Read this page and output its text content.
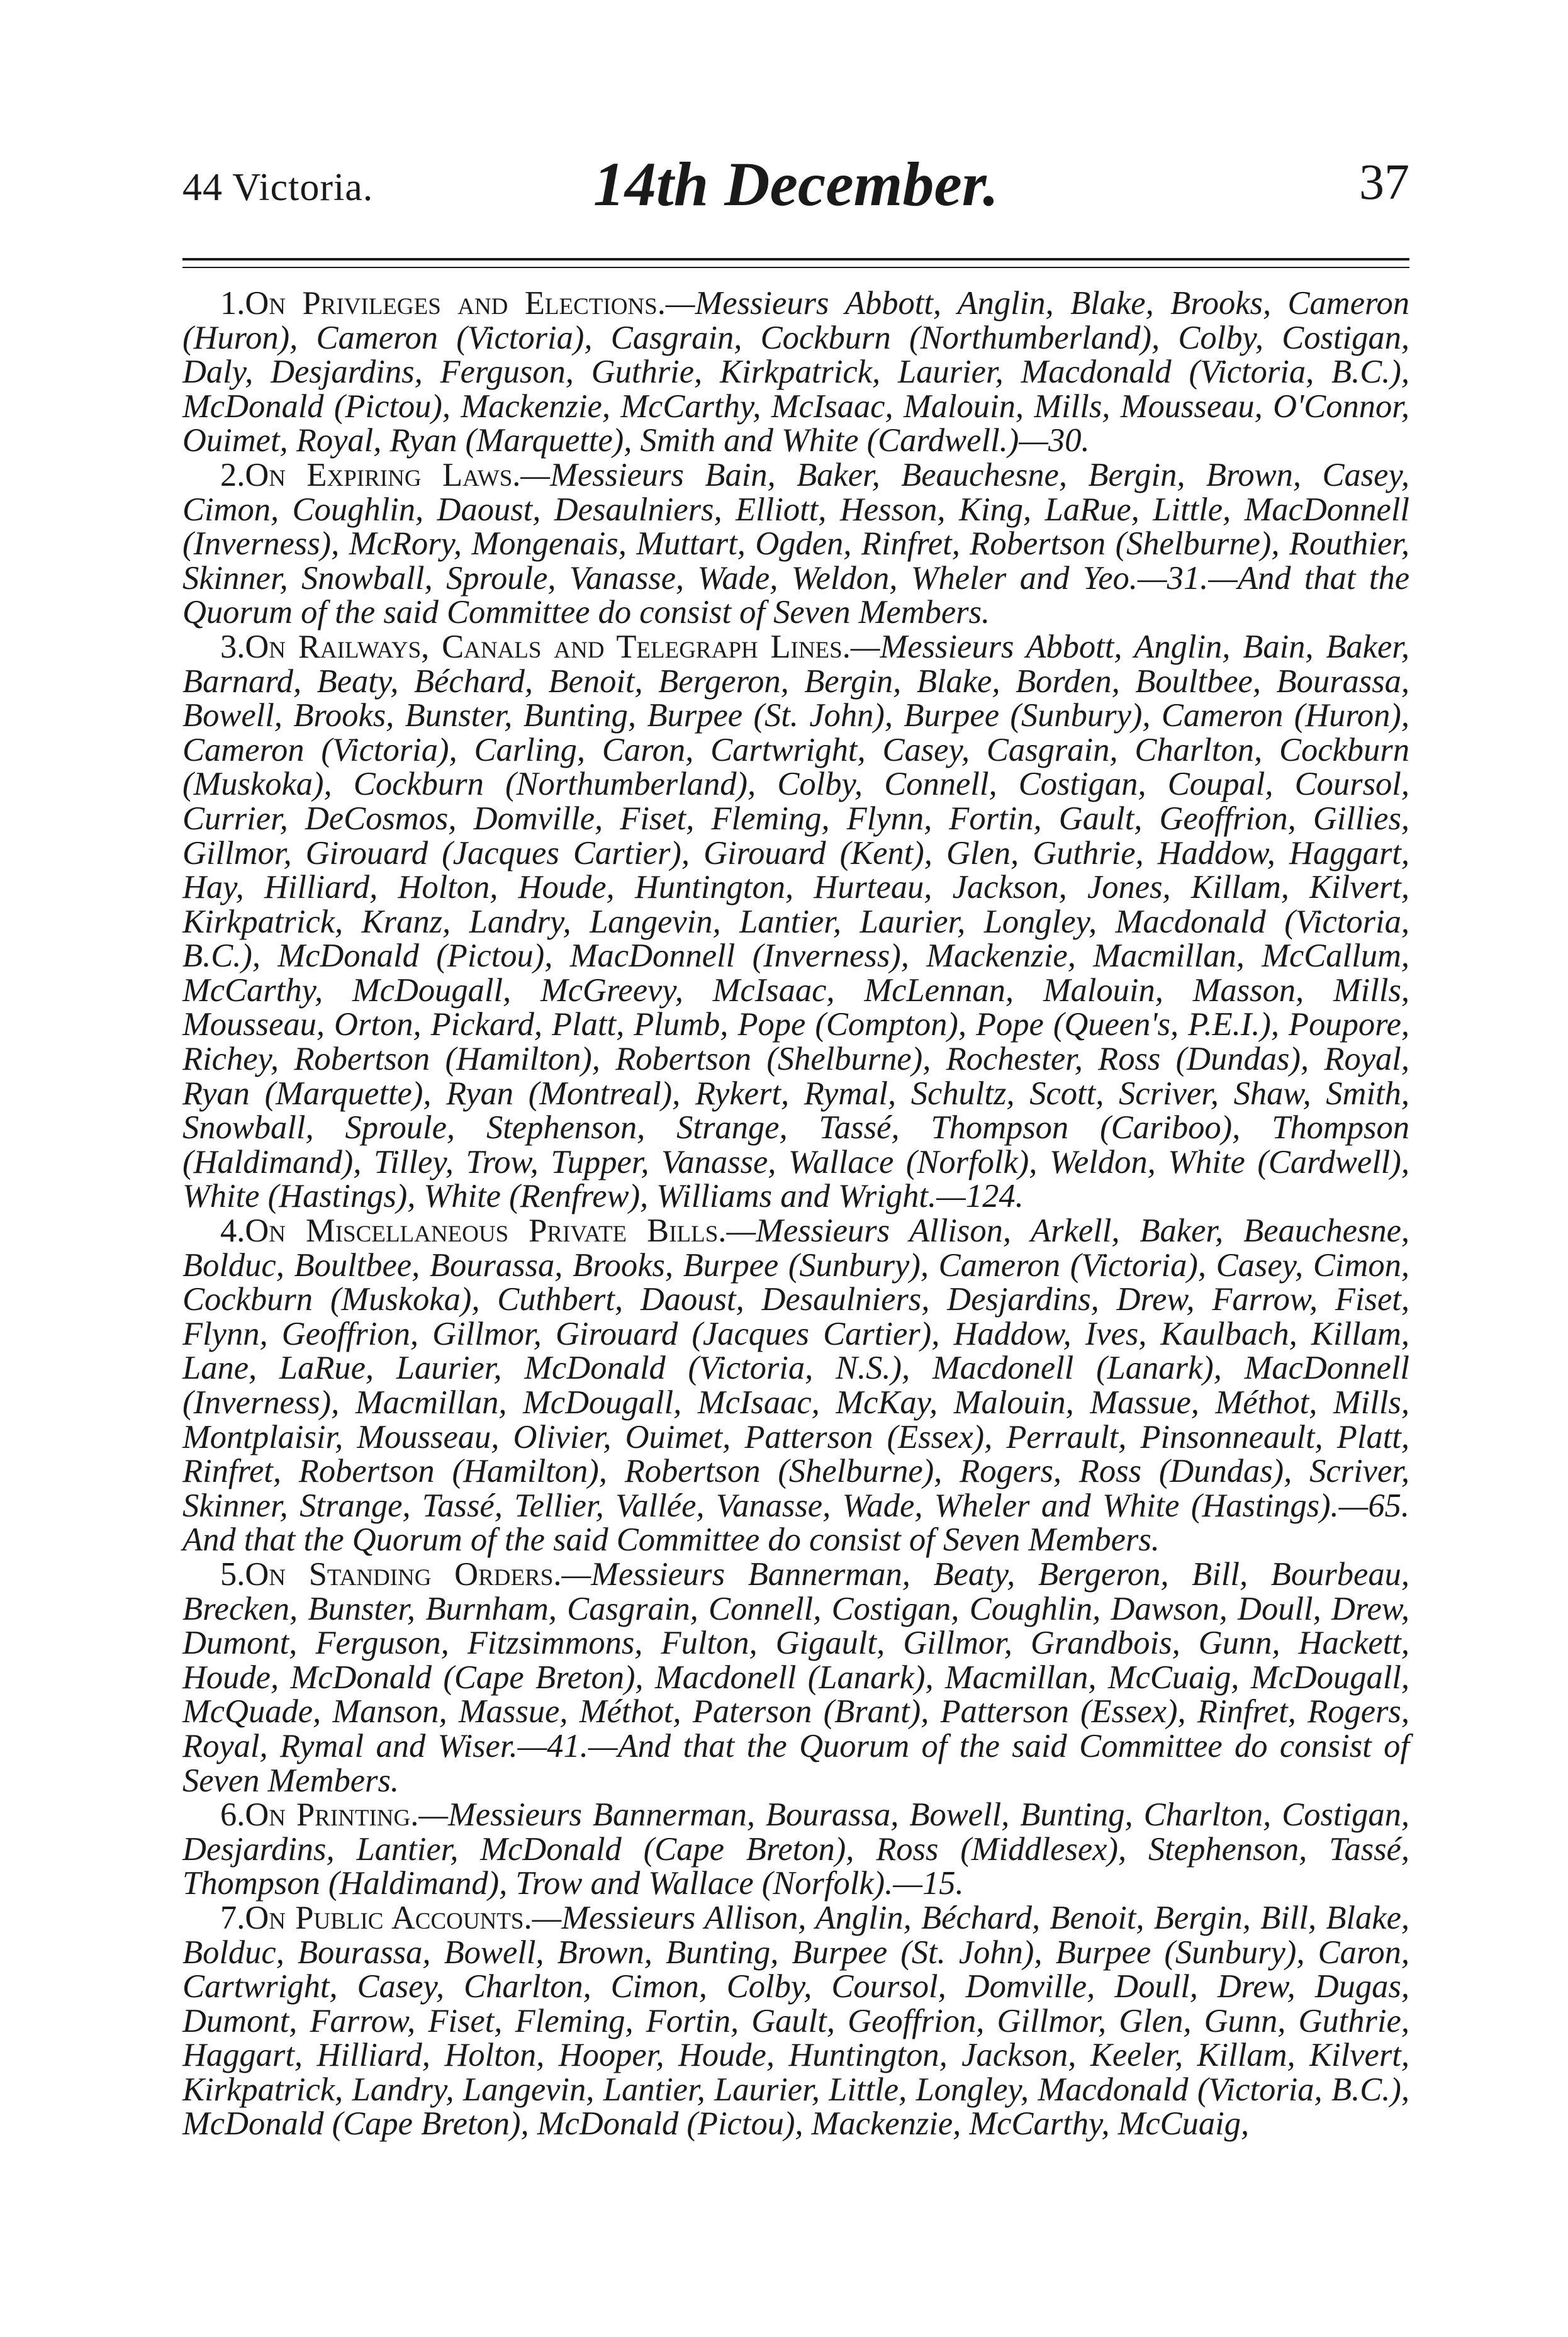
44 Victoria.	14th December.	37

1.On Privileges and Elections.—Messieurs Abbott, Anglin, Blake, Brooks, Cameron (Huron), Cameron (Victoria), Casgrain, Cockburn (Northumberland), Colby, Costigan, Daly, Desjardins, Ferguson, Guthrie, Kirkpatrick, Laurier, Macdonald (Victoria, B.C.), McDonald (Pictou), Mackenzie, McCarthy, McIsaac, Malouin, Mills, Mousseau, O'Connor, Ouimet, Royal, Ryan (Marquette), Smith and White (Cardwell.)—30.

2.On Expiring Laws.—Messieurs Bain, Baker, Beauchesne, Bergin, Brown, Casey, Cimon, Coughlin, Daoust, Desaulniers, Elliott, Hesson, King, LaRue, Little, MacDonnell (Inverness), McRory, Mongenais, Muttart, Ogden, Rinfret, Robertson (Shelburne), Routhier, Skinner, Snowball, Sproule, Vanasse, Wade, Weldon, Wheler and Yeo.—31.—And that the Quorum of the said Committee do consist of Seven Members.

3.On Railways, Canals and Telegraph Lines.—Messieurs Abbott, Anglin, Bain, Baker, Barnard, Beaty, Béchard, Benoit, Bergeron, Bergin, Blake, Borden, Boultbee, Bourassa, Bowell, Brooks, Bunster, Bunting, Burpee (St. John), Burpee (Sunbury), Cameron (Huron), Cameron (Victoria), Carling, Caron, Cartwright, Casey, Casgrain, Charlton, Cockburn (Muskoka), Cockburn (Northumberland), Colby, Connell, Costigan, Coupal, Coursol, Currier, DeCosmos, Domville, Fiset, Fleming, Flynn, Fortin, Gault, Geoffrion, Gillies, Gillmor, Girouard (Jacques Cartier), Girouard (Kent), Glen, Guthrie, Haddow, Haggart, Hay, Hilliard, Holton, Houde, Huntington, Hurteau, Jackson, Jones, Killam, Kilvert, Kirkpatrick, Kranz, Landry, Langevin, Lantier, Laurier, Longley, Macdonald (Victoria, B.C.), McDonald (Pictou), MacDonnell (Inverness), Mackenzie, Macmillan, McCallum, McCarthy, McDougall, McGreevy, McIsaac, McLennan, Malouin, Masson, Mills, Mousseau, Orton, Pickard, Platt, Plumb, Pope (Compton), Pope (Queen's, P.E.I.), Poupore, Richey, Robertson (Hamilton), Robertson (Shelburne), Rochester, Ross (Dundas), Royal, Ryan (Marquette), Ryan (Montreal), Rykert, Rymal, Schultz, Scott, Scriver, Shaw, Smith, Snowball, Sproule, Stephenson, Strange, Tassé, Thompson (Cariboo), Thompson (Haldimand), Tilley, Trow, Tupper, Vanasse, Wallace (Norfolk), Weldon, White (Cardwell), White (Hastings), White (Renfrew), Williams and Wright.—124.

4.On Miscellaneous Private Bills.—Messieurs Allison, Arkell, Baker, Beauchesne, Bolduc, Boultbee, Bourassa, Brooks, Burpee (Sunbury), Cameron (Victoria), Casey, Cimon, Cockburn (Muskoka), Cuthbert, Daoust, Desaulniers, Desjardins, Drew, Farrow, Fiset, Flynn, Geoffrion, Gillmor, Girouard (Jacques Cartier), Haddow, Ives, Kaulbach, Killam, Lane, LaRue, Laurier, McDonald (Victoria, N.S.), Macdonell (Lanark), MacDonnell (Inverness), Macmillan, McDougall, McIsaac, McKay, Malouin, Massue, Méthot, Mills, Montplaisir, Mousseau, Olivier, Ouimet, Patterson (Essex), Perrault, Pinsonneault, Platt, Rinfret, Robertson (Hamilton), Robertson (Shelburne), Rogers, Ross (Dundas), Scriver, Skinner, Strange, Tassé, Tellier, Vallée, Vanasse, Wade, Wheler and White (Hastings).—65. And that the Quorum of the said Committee do consist of Seven Members.

5.On Standing Orders.—Messieurs Bannerman, Beaty, Bergeron, Bill, Bourbeau, Brecken, Bunster, Burnham, Casgrain, Connell, Costigan, Coughlin, Dawson, Doull, Drew, Dumont, Ferguson, Fitzsimmons, Fulton, Gigault, Gillmor, Grandbois, Gunn, Hackett, Houde, McDonald (Cape Breton), Macdonell (Lanark), Macmillan, McCuaig, McDougall, McQuade, Manson, Massue, Méthot, Paterson (Brant), Patterson (Essex), Rinfret, Rogers, Royal, Rymal and Wiser.—41.—And that the Quorum of the said Committee do consist of Seven Members.

6.On Printing.—Messieurs Bannerman, Bourassa, Bowell, Bunting, Charlton, Costigan, Desjardins, Lantier, McDonald (Cape Breton), Ross (Middlesex), Stephenson, Tassé, Thompson (Haldimand), Trow and Wallace (Norfolk).—15.

7.On Public Accounts.—Messieurs Allison, Anglin, Béchard, Benoit, Bergin, Bill, Blake, Bolduc, Bourassa, Bowell, Brown, Bunting, Burpee (St. John), Burpee (Sunbury), Caron, Cartwright, Casey, Charlton, Cimon, Colby, Coursol, Domville, Doull, Drew, Dugas, Dumont, Farrow, Fiset, Fleming, Fortin, Gault, Geoffrion, Gillmor, Glen, Gunn, Guthrie, Haggart, Hilliard, Holton, Hooper, Houde, Huntington, Jackson, Keeler, Killam, Kilvert, Kirkpatrick, Landry, Langevin, Lantier, Laurier, Little, Longley, Macdonald (Victoria, B.C.), McDonald (Cape Breton), McDonald (Pictou), Mackenzie, McCarthy, McCuaig,
